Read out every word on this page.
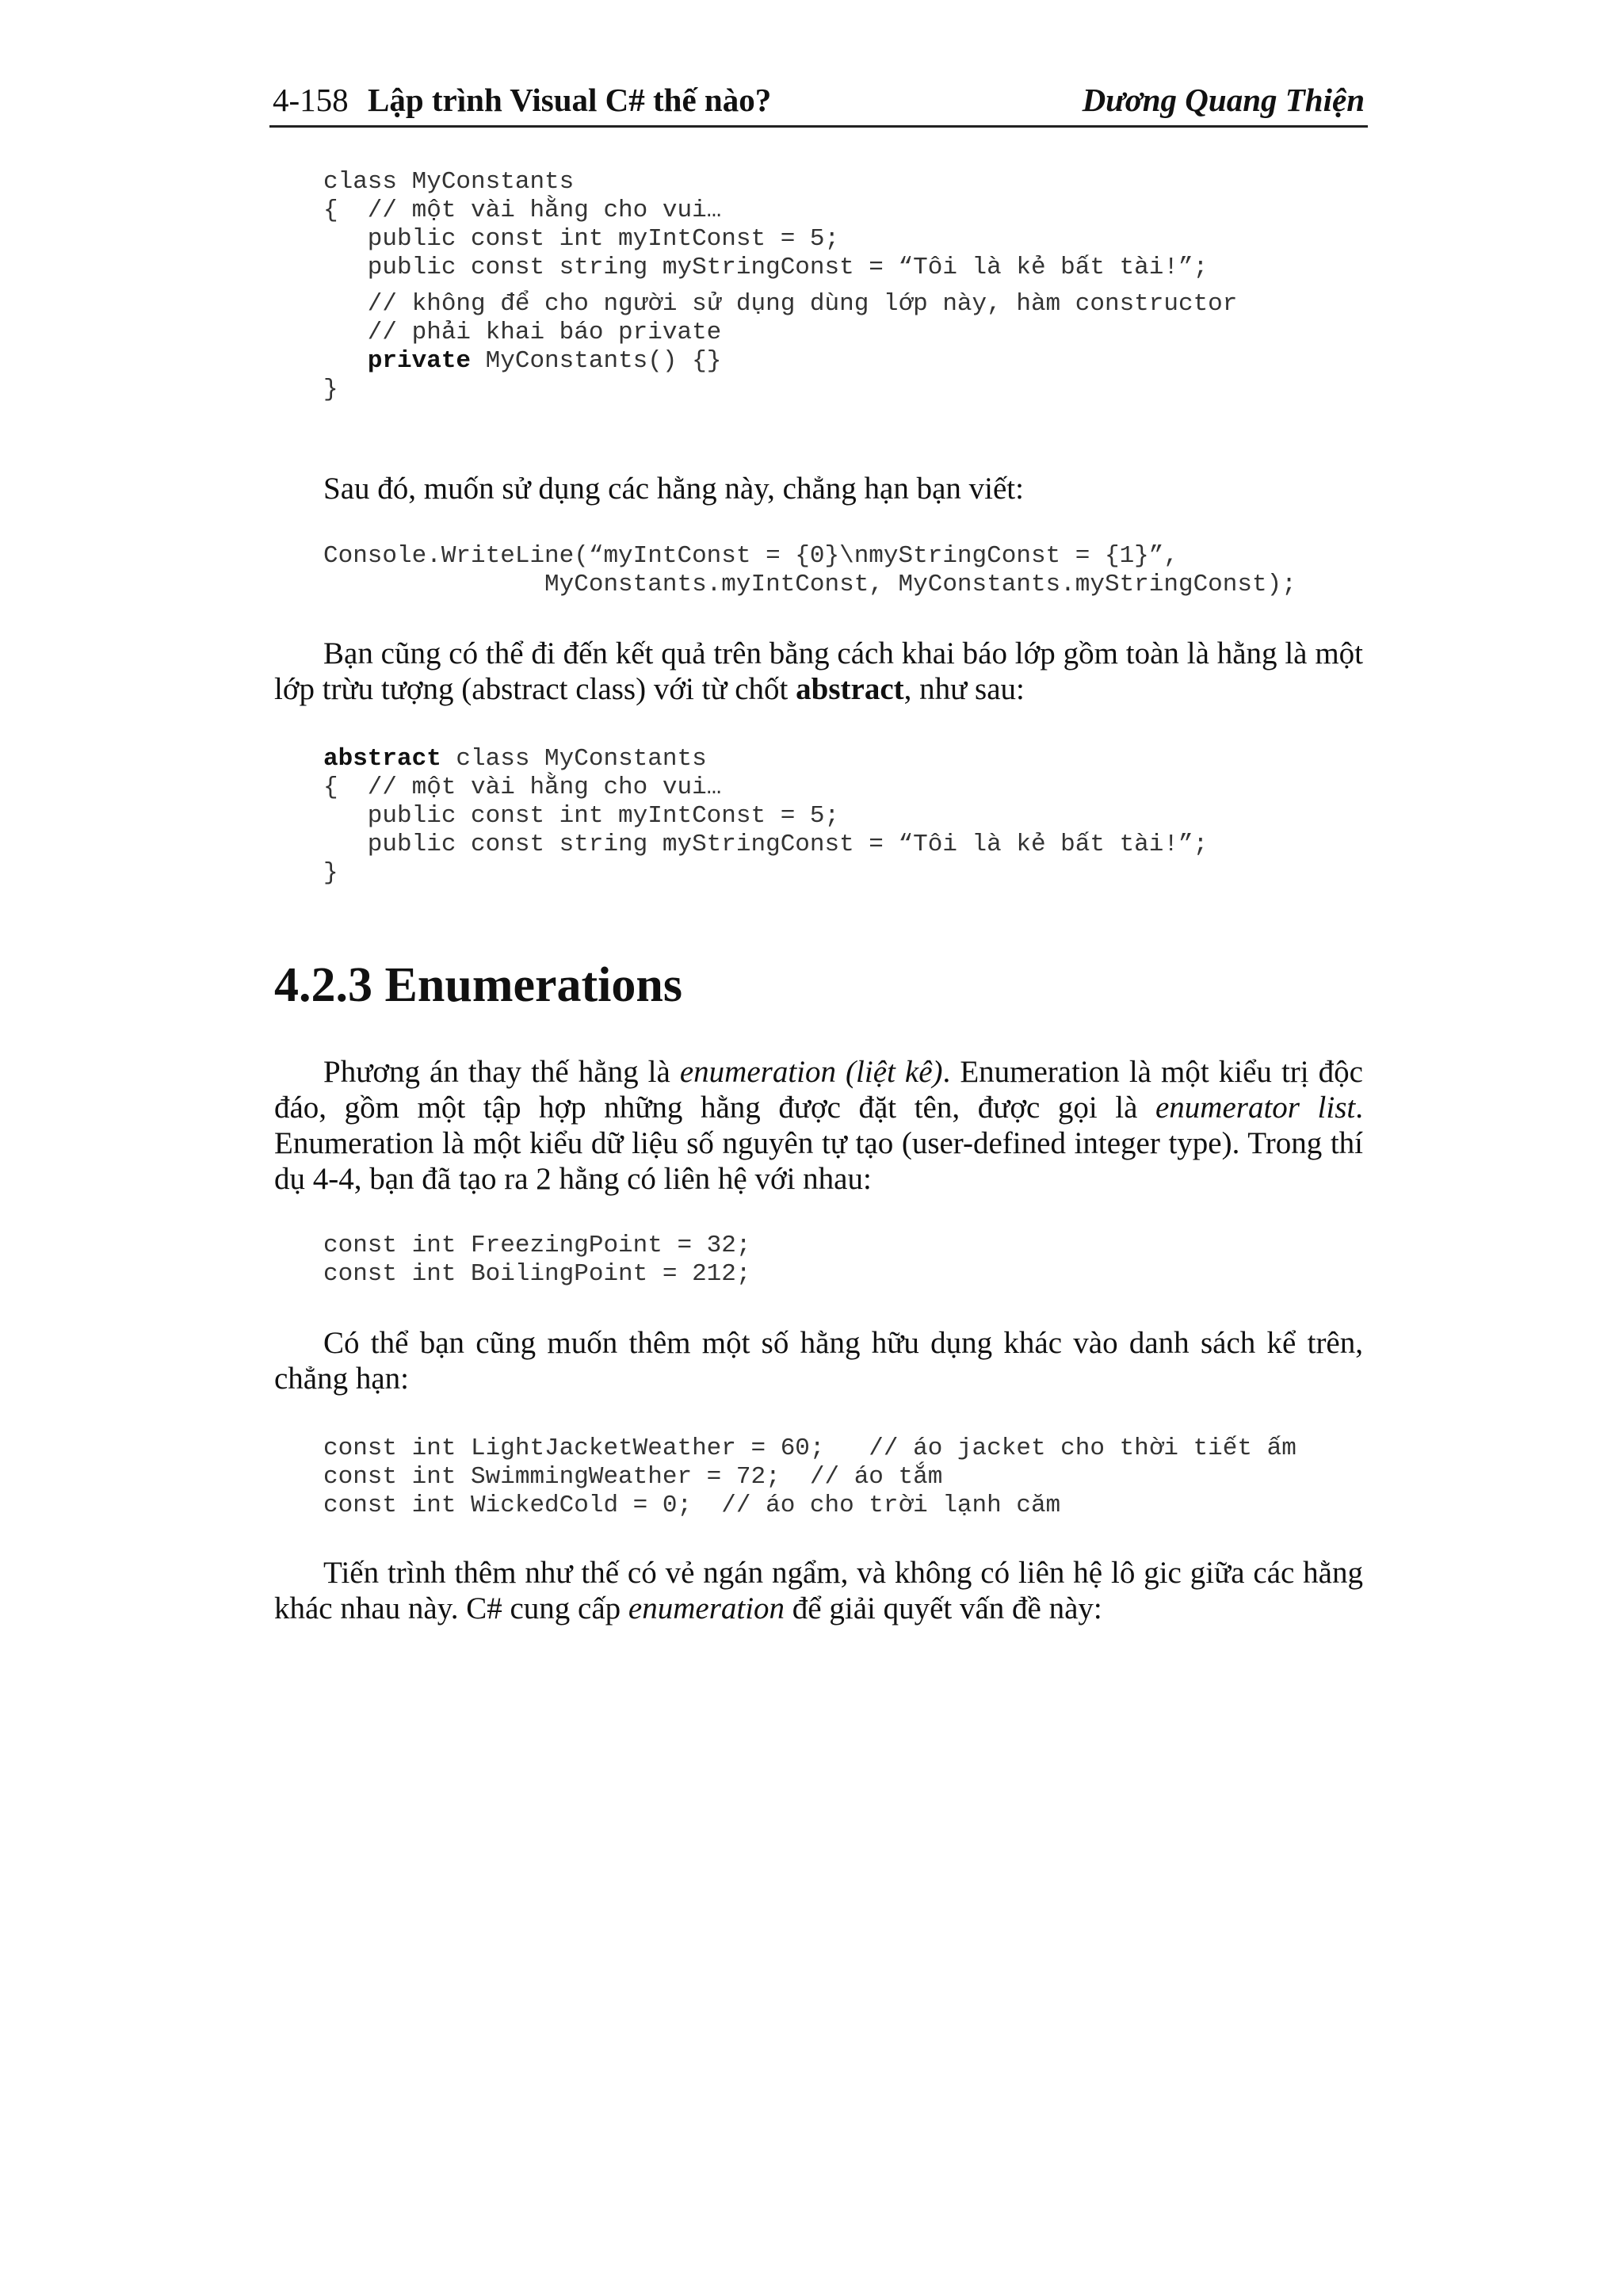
4-158 Lập trình Visual C# thế nào?	Dương Quang Thiện
class MyConstants
{  // một vài hằng cho vui…
public const int myIntConst = 5;
public const string myStringConst = “Tôi là kẻ bất tài!”;

// không để cho người sử dụng dùng lớp này, hàm constructor
// phải khai báo private
private MyConstants() {}
}

Sau đó, muốn sử dụng các hằng này, chẳng hạn bạn viết:

Console.WriteLine(“myIntConst = {0}\nmyStringConst = {1}”,
MyConstants.myIntConst, MyConstants.myStringConst);

Bạn cũng có thể đi đến kết quả trên bằng cách khai báo lớp gồm toàn là hằng là một lớp trừu tượng (abstract class) với từ chốt abstract, như sau:

abstract class MyConstants
{  // một vài hằng cho vui…
public const int myIntConst = 5;
public const string myStringConst = “Tôi là kẻ bất tài!”;
}
4.2.3 Enumerations

Phương án thay thế hằng là enumeration (liệt kê). Enumeration là một kiểu trị độc đáo, gồm một tập hợp những hằng được đặt tên, được gọi là enumerator list. Enumeration là một kiểu dữ liệu số nguyên tự tạo (user-defined integer type). Trong thí dụ 4-4, bạn đã tạo ra 2 hằng có liên hệ với nhau:

const int FreezingPoint = 32;
const int BoilingPoint = 212;

Có thể bạn cũng muốn thêm một số hằng hữu dụng khác vào danh sách kể trên, chẳng hạn:

const int LightJacketWeather = 60;   // áo jacket cho thời tiết ấm
const int SwimmingWeather = 72;  // áo tắm
const int WickedCold = 0;  // áo cho trời lạnh căm

Tiến trình thêm như thế có vẻ ngán ngẩm, và không có liên hệ lô gic giữa các hằng khác nhau này. C# cung cấp enumeration để giải quyết vấn đề này:
